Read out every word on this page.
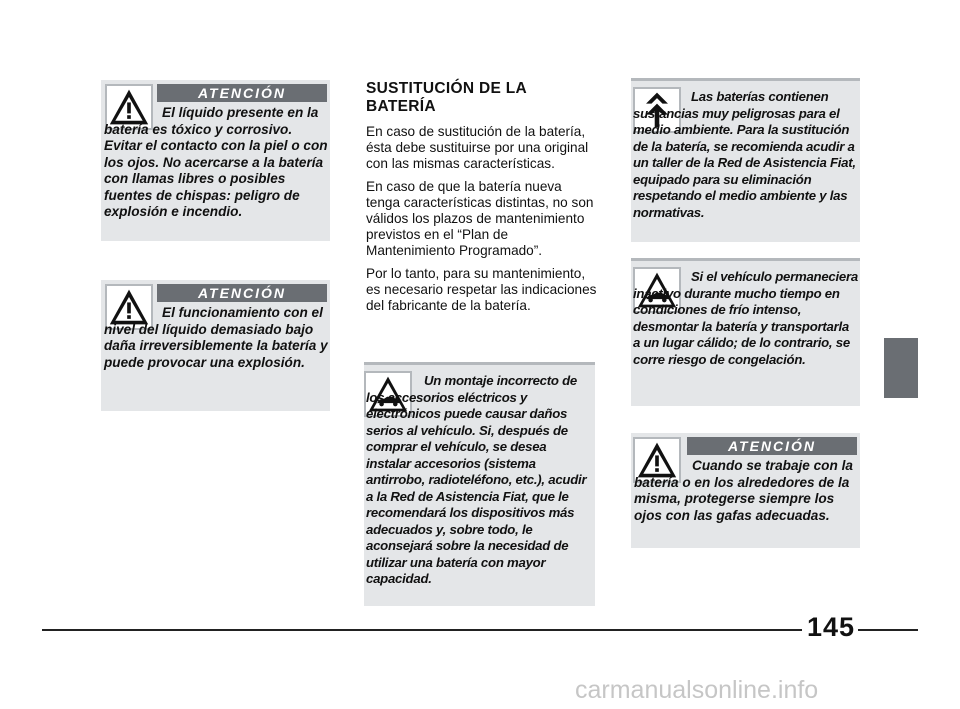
ATENCIÓN

El líquido presente en la batería es tóxico y corrosivo. Evitar el contacto con la piel o con los ojos. No acercarse a la batería con llamas libres o posibles fuentes de chispas: peligro de explosión e incendio.

ATENCIÓN

El funcionamiento con el nivel del líquido demasiado bajo daña irreversiblemente la batería y puede provocar una explosión.

SUSTITUCIÓN DE LA
BATERÍA

En caso de sustitución de la batería, ésta debe sustituirse por una original con las mismas características.

En caso de que la batería nueva tenga características distintas, no son válidos los plazos de mantenimiento previstos en el “Plan de Mantenimiento Programado”.

Por lo tanto, para su mantenimiento, es necesario respetar las indicaciones del fabricante de la batería.

Un montaje incorrecto de los accesorios eléctricos y electrónicos puede causar daños serios al vehículo. Si, después de comprar el vehículo, se desea instalar accesorios (sistema antirrobo, radioteléfono, etc.), acudir a la Red de Asistencia Fiat, que le recomendará los dispositivos más adecuados y, sobre todo, le aconsejará sobre la necesidad de utilizar una batería con mayor capacidad.

Las baterías contienen sustancias muy peligrosas para el medio ambiente. Para la sustitución de la batería, se recomienda acudir a un taller de la Red de Asistencia Fiat, equipado para su eliminación respetando el medio ambiente y las normativas.

Si el vehículo permaneciera inactivo durante mucho tiempo en condiciones de frío intenso, desmontar la batería y transportarla a un lugar cálido; de lo contrario, se corre riesgo de congelación.

ATENCIÓN

Cuando se trabaje con la batería o en los alrededores de la misma, protegerse siempre los ojos con las gafas adecuadas.

145
carmanualsonline.info
